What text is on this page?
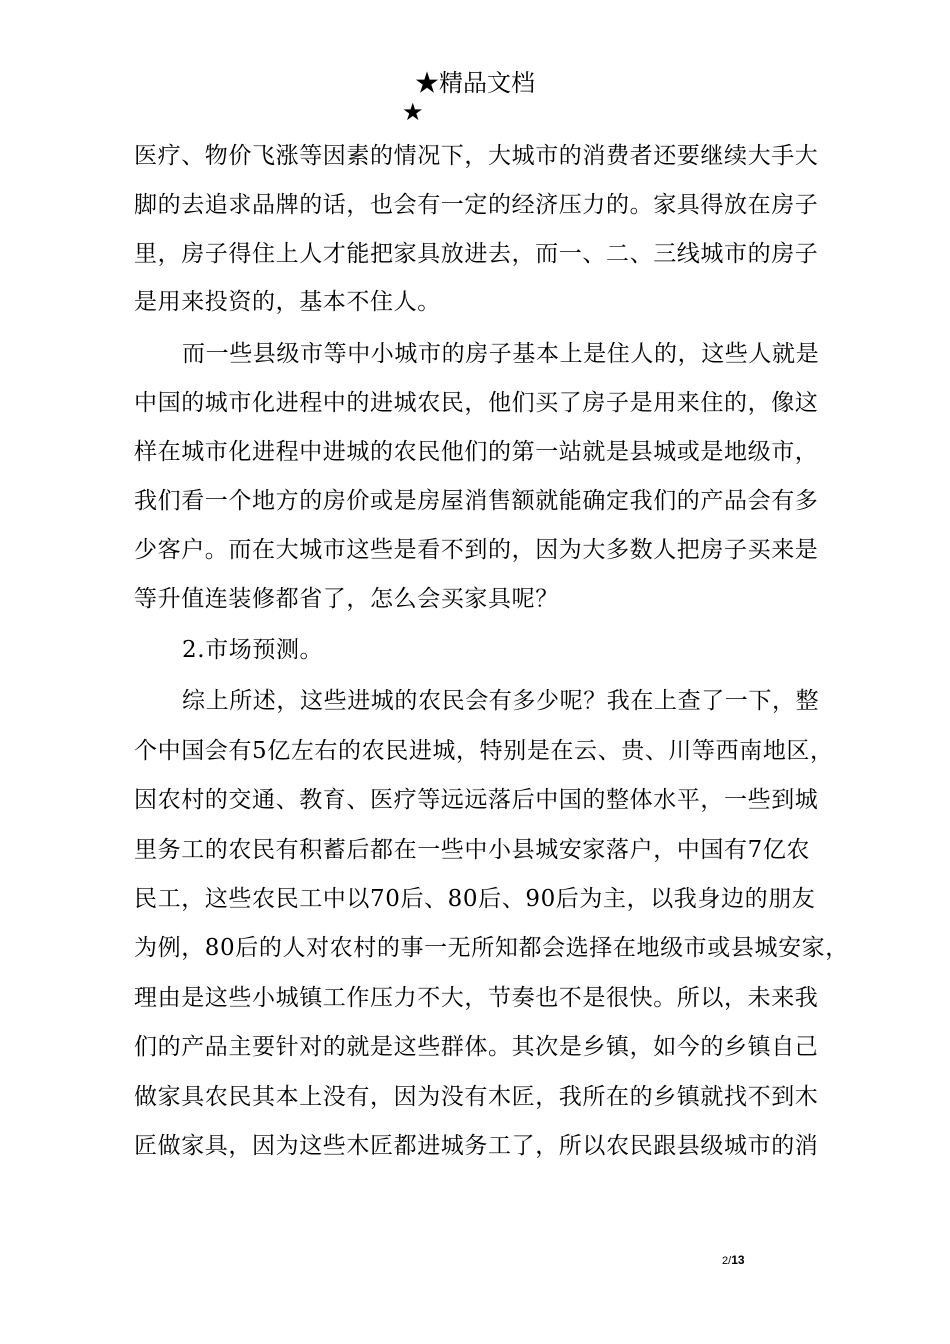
★精品文档
★
医疗、物价飞涨等因素的情况下，大城市的消费者还要继续大手大
脚的去追求品牌的话，也会有一定的经济压力的。家具得放在房子
里，房子得住上人才能把家具放进去，而一、二、三线城市的房子
是用来投资的，基本不住人。
而一些县级市等中小城市的房子基本上是住人的，这些人就是
中国的城市化进程中的进城农民，他们买了房子是用来住的，像这
样在城市化进程中进城的农民他们的第一站就是县城或是地级市，
我们看一个地方的房价或是房屋消售额就能确定我们的产品会有多
少客户。而在大城市这些是看不到的，因为大多数人把房子买来是
等升值连装修都省了，怎么会买家具呢？
2.市场预测。
综上所述，这些进城的农民会有多少呢？我在上查了一下，整
个中国会有5亿左右的农民进城，特别是在云、贵、川等西南地区，
因农村的交通、教育、医疗等远远落后中国的整体水平，一些到城
里务工的农民有积蓄后都在一些中小县城安家落户，中国有7亿农
民工，这些农民工中以70后、80后、90后为主，以我身边的朋友
为例，80后的人对农村的事一无所知都会选择在地级市或县城安家，
理由是这些小城镇工作压力不大，节奏也不是很快。所以，未来我
们的产品主要针对的就是这些群体。其次是乡镇，如今的乡镇自己
做家具农民其本上没有，因为没有木匠，我所在的乡镇就找不到木
匠做家具，因为这些木匠都进城务工了，所以农民跟县级城市的消
2/13
